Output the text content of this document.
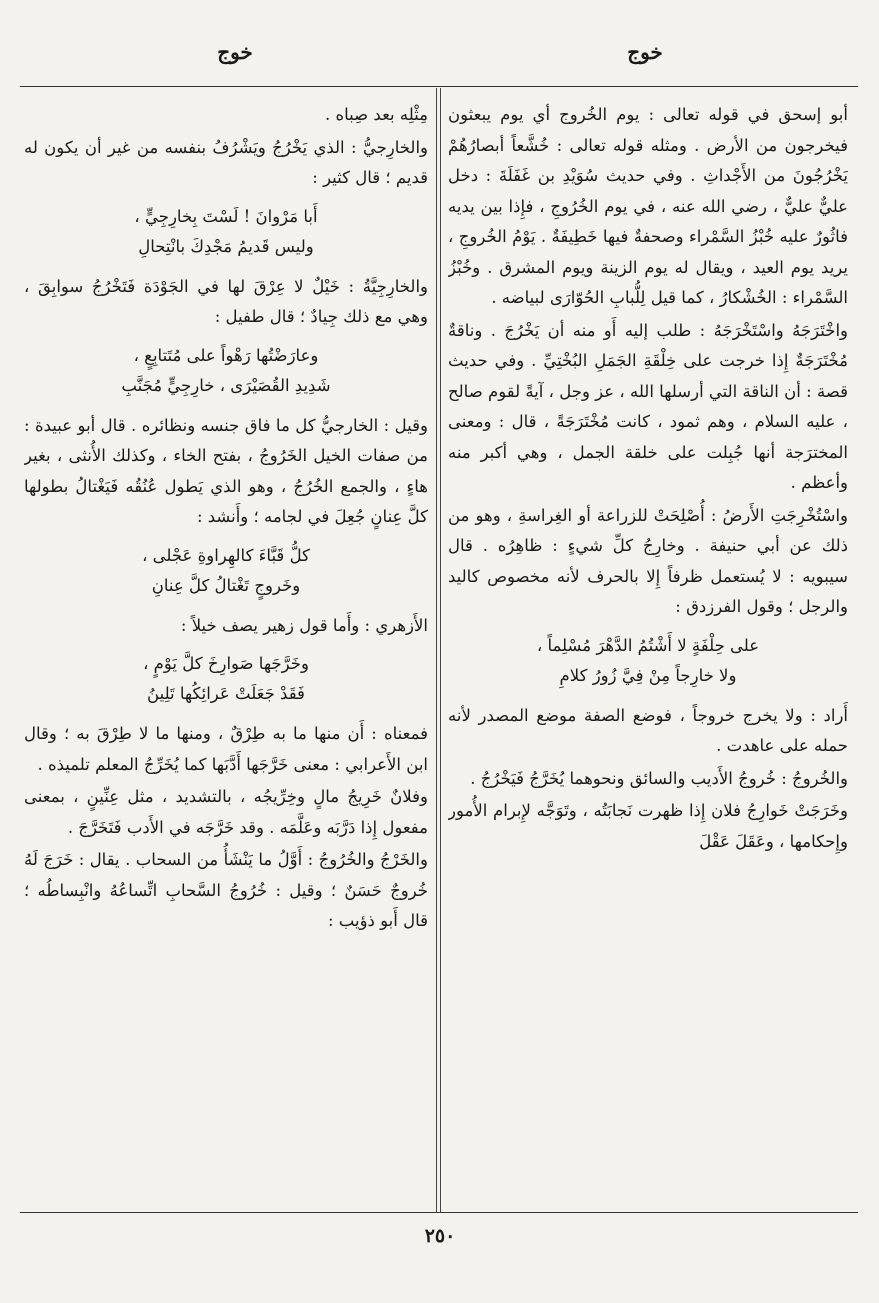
خوج
خوج

أبو إسحق في قوله تعالى : يوم الخُروج أي يوم يبعثون فيخرجون من الأرض . ومثله قوله تعالى : خُشَّعاً أبصارُهُمْ يَخْرُجُونَ من الأَجْداثِ . وفي حديث سُوَيْدِ بن غَفَلَةَ : دخل عليٌّ عليٌّ ، رضي الله عنه ، في يوم الخُرُوجِ ، فإِذا بين يديه فاثُورٌ عليه خُبْزُ السَّمْراء وصحفةٌ فيها خَطِيفَةٌ . يَوْمُ الخُروجِ ، يريد يوم العيد ، ويقال له يوم الزينة ويوم المشرق . وخُبْزُ السَّمْراء : الخُشْكارُ ، كما قيل لِلُّبابِ الحُوّارَى لبياضه .

واخْتَرَجَهُ واسْتَخْرَجَهُ : طلب إليه أَو منه أن يَخْرُجَ . وناقةٌ مُخْتَرَجَةٌ إِذا خرجت على خِلْقَةِ الجَمَلِ البُخْتِيِّ . وفي حديث قصة : أن الناقة التي أرسلها الله ، عز وجل ، آيةً لقوم صالح ، عليه السلام ، وهم ثمود ، كانت مُخْتَرَجَةً ، قال : ومعنى المخترَجة أنها جُبِلت على خلقة الجمل ، وهي أكبر منه وأعظم .

واسْتُخْرِجَتِ الأَرضُ : أُصْلِحَتْ للزراعة أو الغِراسةِ ، وهو من ذلك عن أبي حنيفة . وخارِجُ كلِّ شيءٍ : ظاهِرُه . قال سيبويه : لا يُستعمل ظرفاً إِلا بالحرف لأنه مخصوص كاليد والرجل ؛ وقول الفرزدق :

على حِلْفَةٍ لا أَشْتُمُ الدَّهْرَ مُسْلِماً ،
ولا خارِجاً مِنْ فِيَّ زُورُ كلامِ

أَراد : ولا يخرج خروجاً ، فوضع الصفة موضع المصدر لأنه حمله على عاهدت .

والخُروجُ : خُروجُ الأَديب والسائق ونحوهما يُخَرَّجُ فَيَخْرُجُ .

وخَرَجَتْ خَوارِجُ فلان إِذا ظهرت نَجابَتُه ، وتَوَجَّه لإِبرام الأُمور وإِحكامها ، وعَقَلَ عَقْلَ

مِثْلِه بعد صِباه .

والخارِجيُّ : الذي يَخْرُجُ ويَشْرُفُ بنفسه من غير أن يكون له قديم ؛ قال كثير :

أَبا مَرْوانَ ! لَسْتَ بِخارِجِيٍّ ،
وليس قَديمُ مَجْدِكَ بانْتِحالِ

والخارِجِيَّةُ : خَيْلٌ لا عِرْقَ لها في الجَوْدَة فَتَخْرُجُ سوابِقَ ، وهي مع ذلك جِيادٌ ؛ قال طفيل :

وعارَضْتُها رَهْواً على مُتَتابِعٍ ،
شَدِيدِ القُصَيْرَى ، خارِجِيٍّ مُجَنَّبِ

وقيل : الخارجيُّ كل ما فاق جنسه ونظائره . قال أبو عبيدة : من صفات الخيل الخَرُوجُ ، بفتح الخاء ، وكذلك الأُنثى ، بغير هاءٍ ، والجمع الخُرُجُ ، وهو الذي يَطول عُنُقُه فَيَغْتالُ بطولها كلَّ عِنانٍ جُعِلَ في لجامه ؛ وأَنشد :

كلُّ قَبَّاءَ كالهِراوةِ عَجْلى ،
وخَروجٍ تَغْتالُ كلَّ عِنانِ

الأَزهري : وأَما قول زهير يصف خيلاً :

وخَرَّجَها صَوارِخَ كلَّ يَوْمٍ ،
فَقَدْ جَعَلَتْ عَرائِكُها تَلِينُ

فمعناه : أَن منها ما به طِرْقٌ ، ومنها ما لا طِرْقَ به ؛ وقال ابن الأَعرابي : معنى خَرَّجَها أَدَّبَها كما يُخَرِّجُ المعلم تلميذه .

وفلانٌ خَرِيجُ مالٍ وخِرِّيجُه ، بالتشديد ، مثل عِنِّينٍ ، بمعنى مفعول إِذا دَرَّبَه وعَلَّمَه . وقد خَرَّجَه في الأَدب فَتَخَرَّجَ .

والخَرْجُ والخُرُوجُ : أَوَّلُ ما يَنْشَأُ من السحاب . يقال : خَرَجَ لَهُ خُروجٌ حَسَنٌ ؛ وقيل : خُرُوجُ السَّحابِ اتِّساعُهُ وانْبِساطُه ؛ قال أَبو ذؤيب :

٢٥٠
